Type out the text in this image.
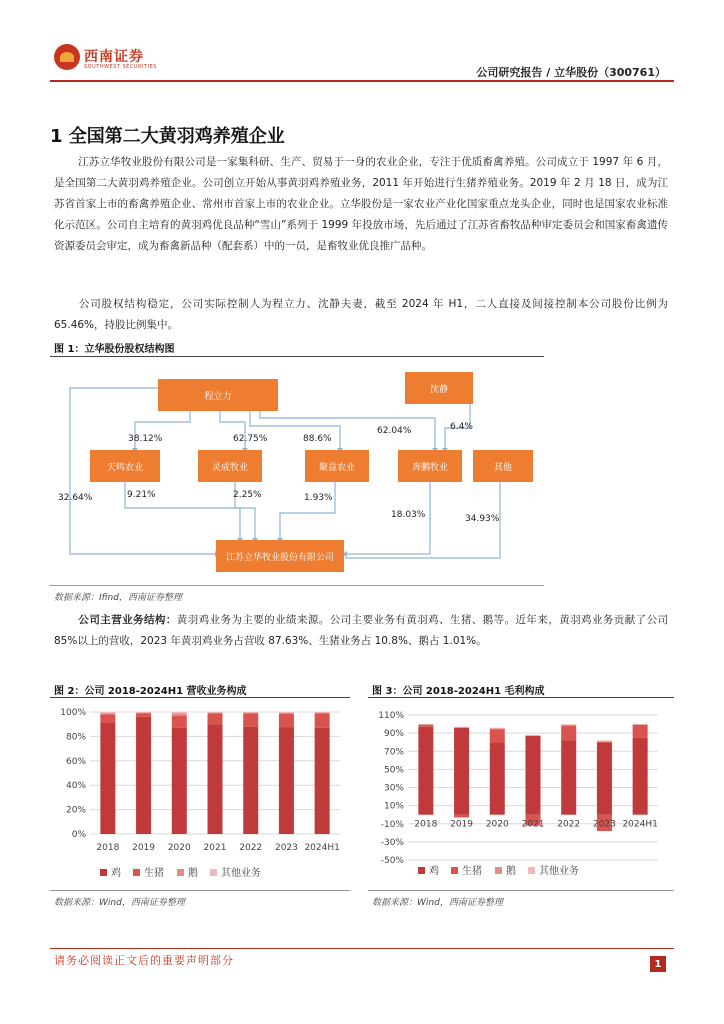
西南证券
SOUTHWEST SECURITIES	公司研究报告 / 立华股份（300761）
1 全国第二大黄羽鸡养殖企业
江苏立华牧业股份有限公司是一家集科研、生产、贸易于一身的农业企业，专注于优质畜禽养殖。公司成立于 1997 年 6 月，是全国第二大黄羽鸡养殖企业。公司创立开始从事黄羽鸡养殖业务，2011 年开始进行生猪养殖业务。2019 年 2 月 18 日，成为江苏省首家上市的畜禽养殖企业、常州市首家上市的农业企业。立华股份是一家农业产业化国家重点龙头企业，同时也是国家农业标准化示范区。公司自主培育的黄羽鸡优良品种“雪山”系列于 1999 年投放市场，先后通过了江苏省畜牧品种审定委员会和国家畜禽遗传资源委员会审定，成为畜禽新品种（配套系）中的一员，是畜牧业优良推广品种。
公司股权结构稳定，公司实际控制人为程立力、沈静夫妻，截至 2024 年 H1，二人直接及间接控制本公司股份比例为 65.46%，持股比例集中。
图 1：立华股份股权结构图
程立力
沈静
天鸣农业	灵成牧业	聚益农业	奔鹏牧业	其他
江苏立华牧业股份有限公司
38.12%	62.75%	88.6%
62.04%	6.4%
32.64%	9.21%	2.25%	1.93%
18.03%	34.93%
数据来源：Ifind，西南证券整理
公司主营业务结构：黄羽鸡业务为主要的业绩来源。公司主要业务有黄羽鸡、生猪、鹅等。近年来，黄羽鸡业务贡献了公司 85%以上的营收，2023 年黄羽鸡业务占营收 87.63%、生猪业务占 10.8%、鹅占 1.01%。
图 2：公司 2018-2024H1 营收业务构成
0%
20%
40%
60%
80%
100%
2018 2019 2020 2021 2022 2023 2024H1
鸡 生猪 鹅 其他业务
数据来源：Wind，西南证券整理
图 3：公司 2018-2024H1 毛利构成
-50%
-30%
-10%
10%
30%
50%
70%
90%
110%
2018 2019 2020 2021 2022 2023 2024H1
鸡 生猪 鹅 其他业务
数据来源：Wind，西南证券整理
请务必阅读正文后的重要声明部分	1
